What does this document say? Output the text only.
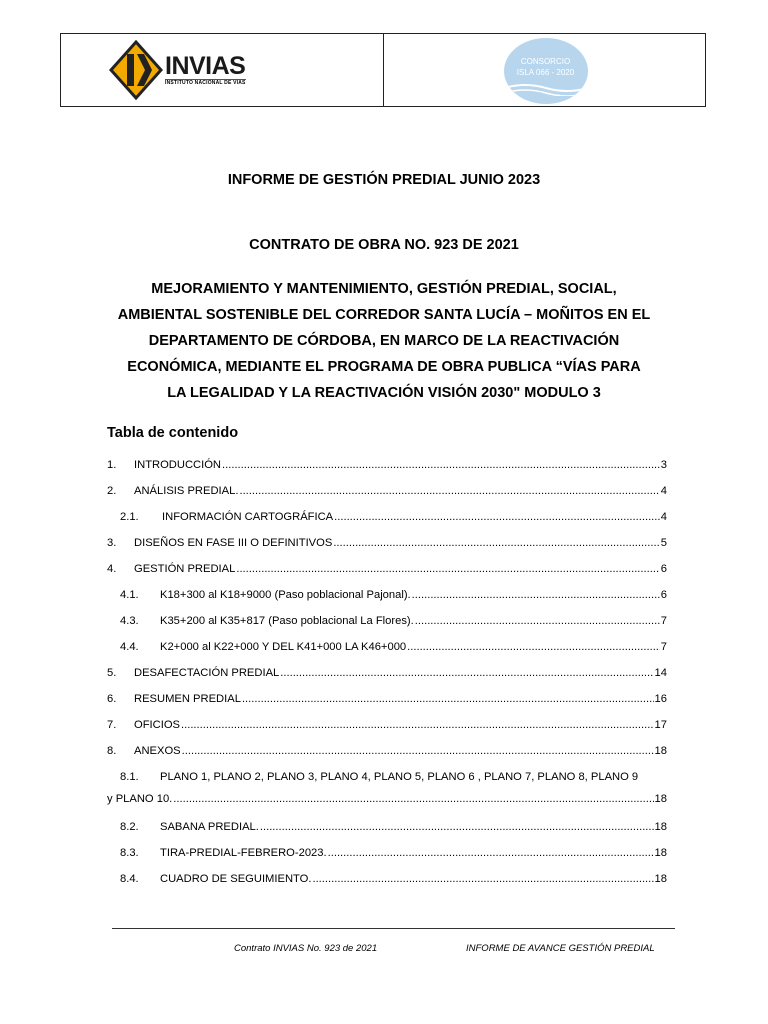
INVIAS
INSTITUTO NACIONAL DE VIAS
CONSORCIO
ISLA 066 - 2020
INFORME DE GESTIÓN PREDIAL JUNIO 2023
CONTRATO DE OBRA NO. 923 DE 2021
MEJORAMIENTO Y MANTENIMIENTO, GESTIÓN PREDIAL, SOCIAL,
AMBIENTAL SOSTENIBLE DEL CORREDOR SANTA LUCÍA – MOÑITOS EN EL
DEPARTAMENTO DE CÓRDOBA, EN MARCO DE LA REACTIVACIÓN
ECONÓMICA, MEDIANTE EL PROGRAMA DE OBRA PUBLICA “VÍAS PARA
LA LEGALIDAD Y LA REACTIVACIÓN VISIÓN 2030" MODULO 3
Tabla de contenido
1.	INTRODUCCIÓN .....	3
2.	ANÁLISIS PREDIAL. .....	4
2.1.	INFORMACIÓN CARTOGRÁFICA .....	4
3.	DISEÑOS EN FASE III O DEFINITIVOS .....	5
4.	GESTIÓN PREDIAL .....	6
4.1.	K18+300 al K18+9000 (Paso poblacional Pajonal). .....	6
4.3.	K35+200 al K35+817 (Paso poblacional La Flores). .....	7
4.4.	K2+000 al K22+000 Y DEL K41+000 LA K46+000 .....	7
5.	DESAFECTACIÓN PREDIAL .....	14
6.	RESUMEN PREDIAL .....	16
7.	OFICIOS .....	17
8.	ANEXOS .....	18
8.1.	PLANO 1, PLANO 2, PLANO 3, PLANO 4, PLANO 5, PLANO 6 , PLANO 7, PLANO 8, PLANO 9
y PLANO 10. .....	18
8.2.	SABANA PREDIAL. .....	18
8.3.	TIRA-PREDIAL-FEBRERO-2023. .....	18
8.4.	CUADRO DE SEGUIMIENTO. .....	18
Contrato INVIAS No. 923 de 2021	INFORME DE AVANCE GESTIÓN PREDIAL
